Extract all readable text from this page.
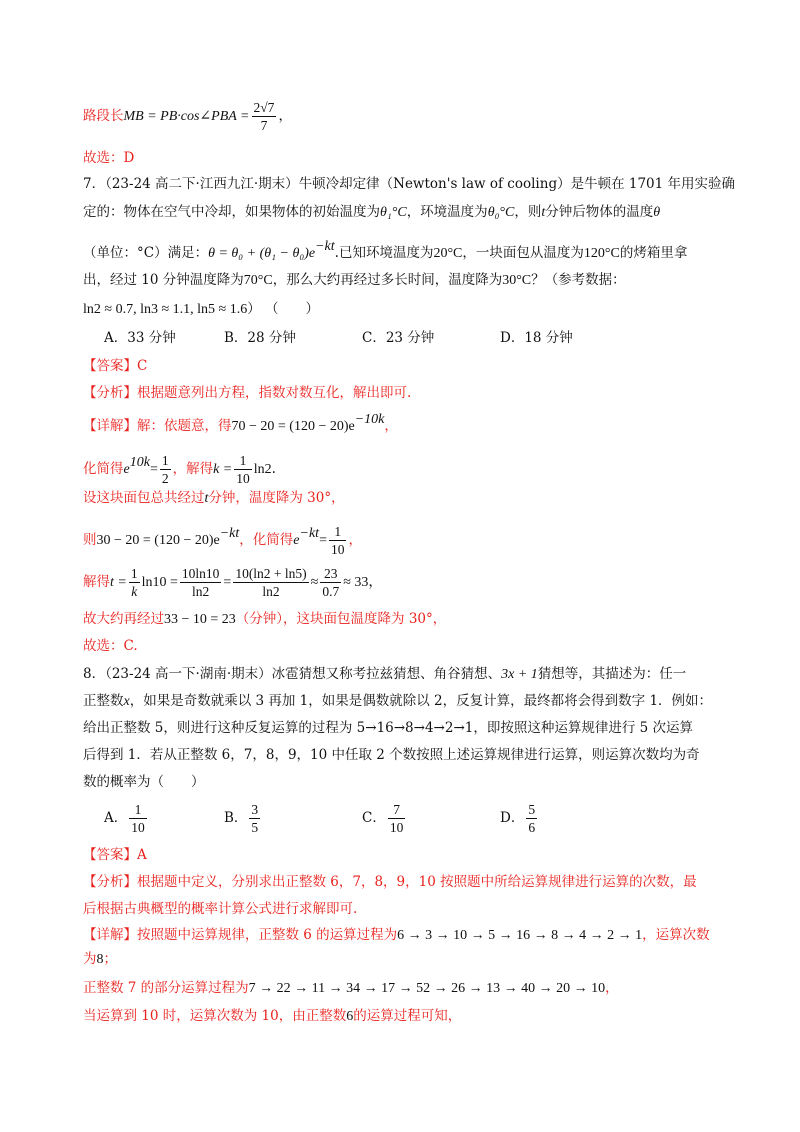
路段长MB = PB·cos∠PBA = $\frac{2√7}{7}$ ，
故选：D
7．（23-24 高二下·江西九江·期末）牛顿冷却定律（Newton's law of cooling）是牛顿在 1701 年用实验确
定的：物体在空气中冷却，如果物体的初始温度为θ₁°C，环境温度为θ₀°C，则t分钟后物体的温度θ
（单位：°C）满足：$\theta = \theta_0 + (\theta_1 - \theta_0)e^{-kt}$.已知环境温度为20°C，一块面包从温度为120°C的烤箱里拿
出，经过 10 分钟温度降为70°C，那么大约再经过多长时间，温度降为30°C？（参考数据：
ln2 ≈ 0.7, ln3 ≈ 1.1, ln5 ≈ 1.6） （　　）
A．33 分钟	B．28 分钟	C．23 分钟	D．18 分钟
【答案】C
【分析】根据题意列出方程，指数对数互化，解出即可.
【详解】解：依题意，得$70 - 20 = (120 - 20)e^{-10k}$，
化简得$e^{10k}= \frac{1}{2}$ ，解得$k = \frac{1}{10} \ln 2$.
设这块面包总共经过t分钟，温度降为 30°，
则$30 - 20 = (120 - 20)e^{-kt}$，化简得$e^{-kt}= \frac{1}{10}$ ，
解得$t = \frac{1}{k} \ln 10 = \frac{10\ln 10}{\ln 2} = \frac{10(\ln 2 + \ln 5)}{\ln 2} \approx \frac{23}{0.7} \approx 33$，
故大约再经过33 − 10 = 23（分钟），这块面包温度降为 30°，
故选：C.
8．（23-24 高一下·湖南·期末）冰雹猜想又称考拉兹猜想、角谷猜想、3x + 1猜想等，其描述为：任一
正整数x，如果是奇数就乘以 3 再加 1，如果是偶数就除以 2，反复计算，最终都将会得到数字 1．例如：
给出正整数 5，则进行这种反复运算的过程为 5→16→8→4→2→1，即按照这种运算规律进行 5 次运算
后得到 1．若从正整数 6，7，8，9，10 中任取 2 个数按照上述运算规律进行运算，则运算次数均为奇
数的概率为（　　）
A． $\frac{1}{10}$	B． $\frac{3}{5}$	C． $\frac{7}{10}$	D． $\frac{5}{6}$
【答案】A
【分析】根据题中定义，分别求出正整数 6，7，8，9，10 按照题中所给运算规律进行运算的次数，最
后根据古典概型的概率计算公式进行求解即可.
【详解】按照题中运算规律，正整数 6 的运算过程为6 → 3 → 10 → 5 → 16 → 8 → 4 → 2 → 1，运算次数
为8；
正整数 7 的部分运算过程为7 → 22 → 11 → 34 → 17 → 52 → 26 → 13 → 40 → 20 → 10，
当运算到 10 时，运算次数为 10，由正整数6的运算过程可知，
